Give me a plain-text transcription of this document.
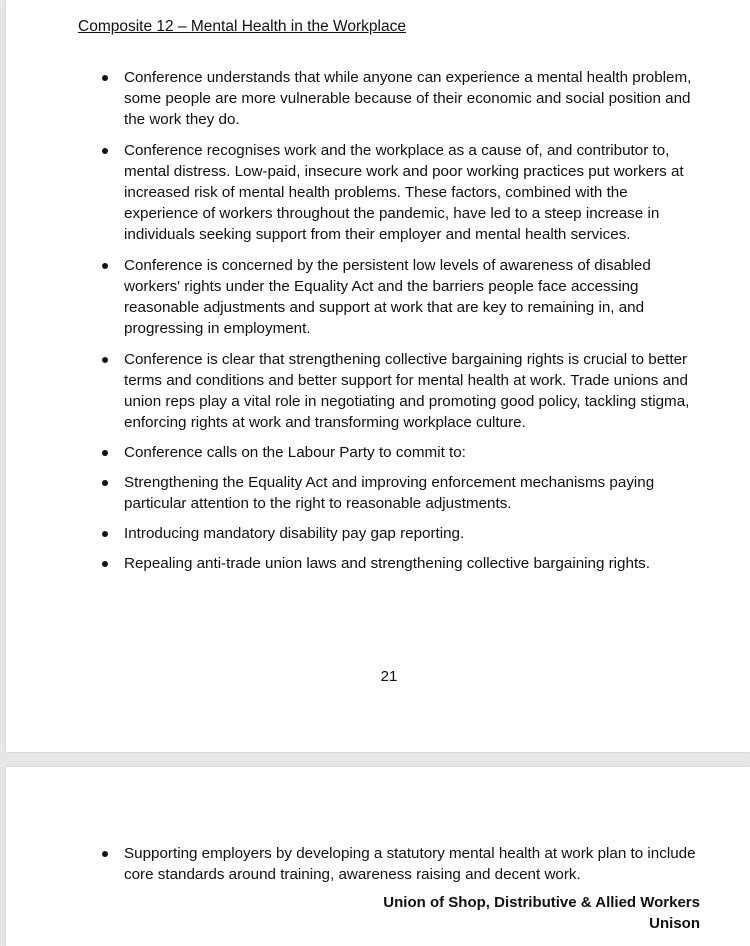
Composite 12 – Mental Health in the Workplace
Conference understands that while anyone can experience a mental health problem, some people are more vulnerable because of their economic and social position and the work they do.
Conference recognises work and the workplace as a cause of, and contributor to, mental distress. Low-paid, insecure work and poor working practices put workers at increased risk of mental health problems. These factors, combined with the experience of workers throughout the pandemic, have led to a steep increase in individuals seeking support from their employer and mental health services.
Conference is concerned by the persistent low levels of awareness of disabled workers' rights under the Equality Act and the barriers people face accessing reasonable adjustments and support at work that are key to remaining in, and progressing in employment.
Conference is clear that strengthening collective bargaining rights is crucial to better terms and conditions and better support for mental health at work. Trade unions and union reps play a vital role in negotiating and promoting good policy, tackling stigma, enforcing rights at work and transforming workplace culture.
Conference calls on the Labour Party to commit to:
Strengthening the Equality Act and improving enforcement mechanisms paying particular attention to the right to reasonable adjustments.
Introducing mandatory disability pay gap reporting.
Repealing anti-trade union laws and strengthening collective bargaining rights.
21
Supporting employers by developing a statutory mental health at work plan to include core standards around training, awareness raising and decent work.
Union of Shop, Distributive & Allied Workers
Unison
